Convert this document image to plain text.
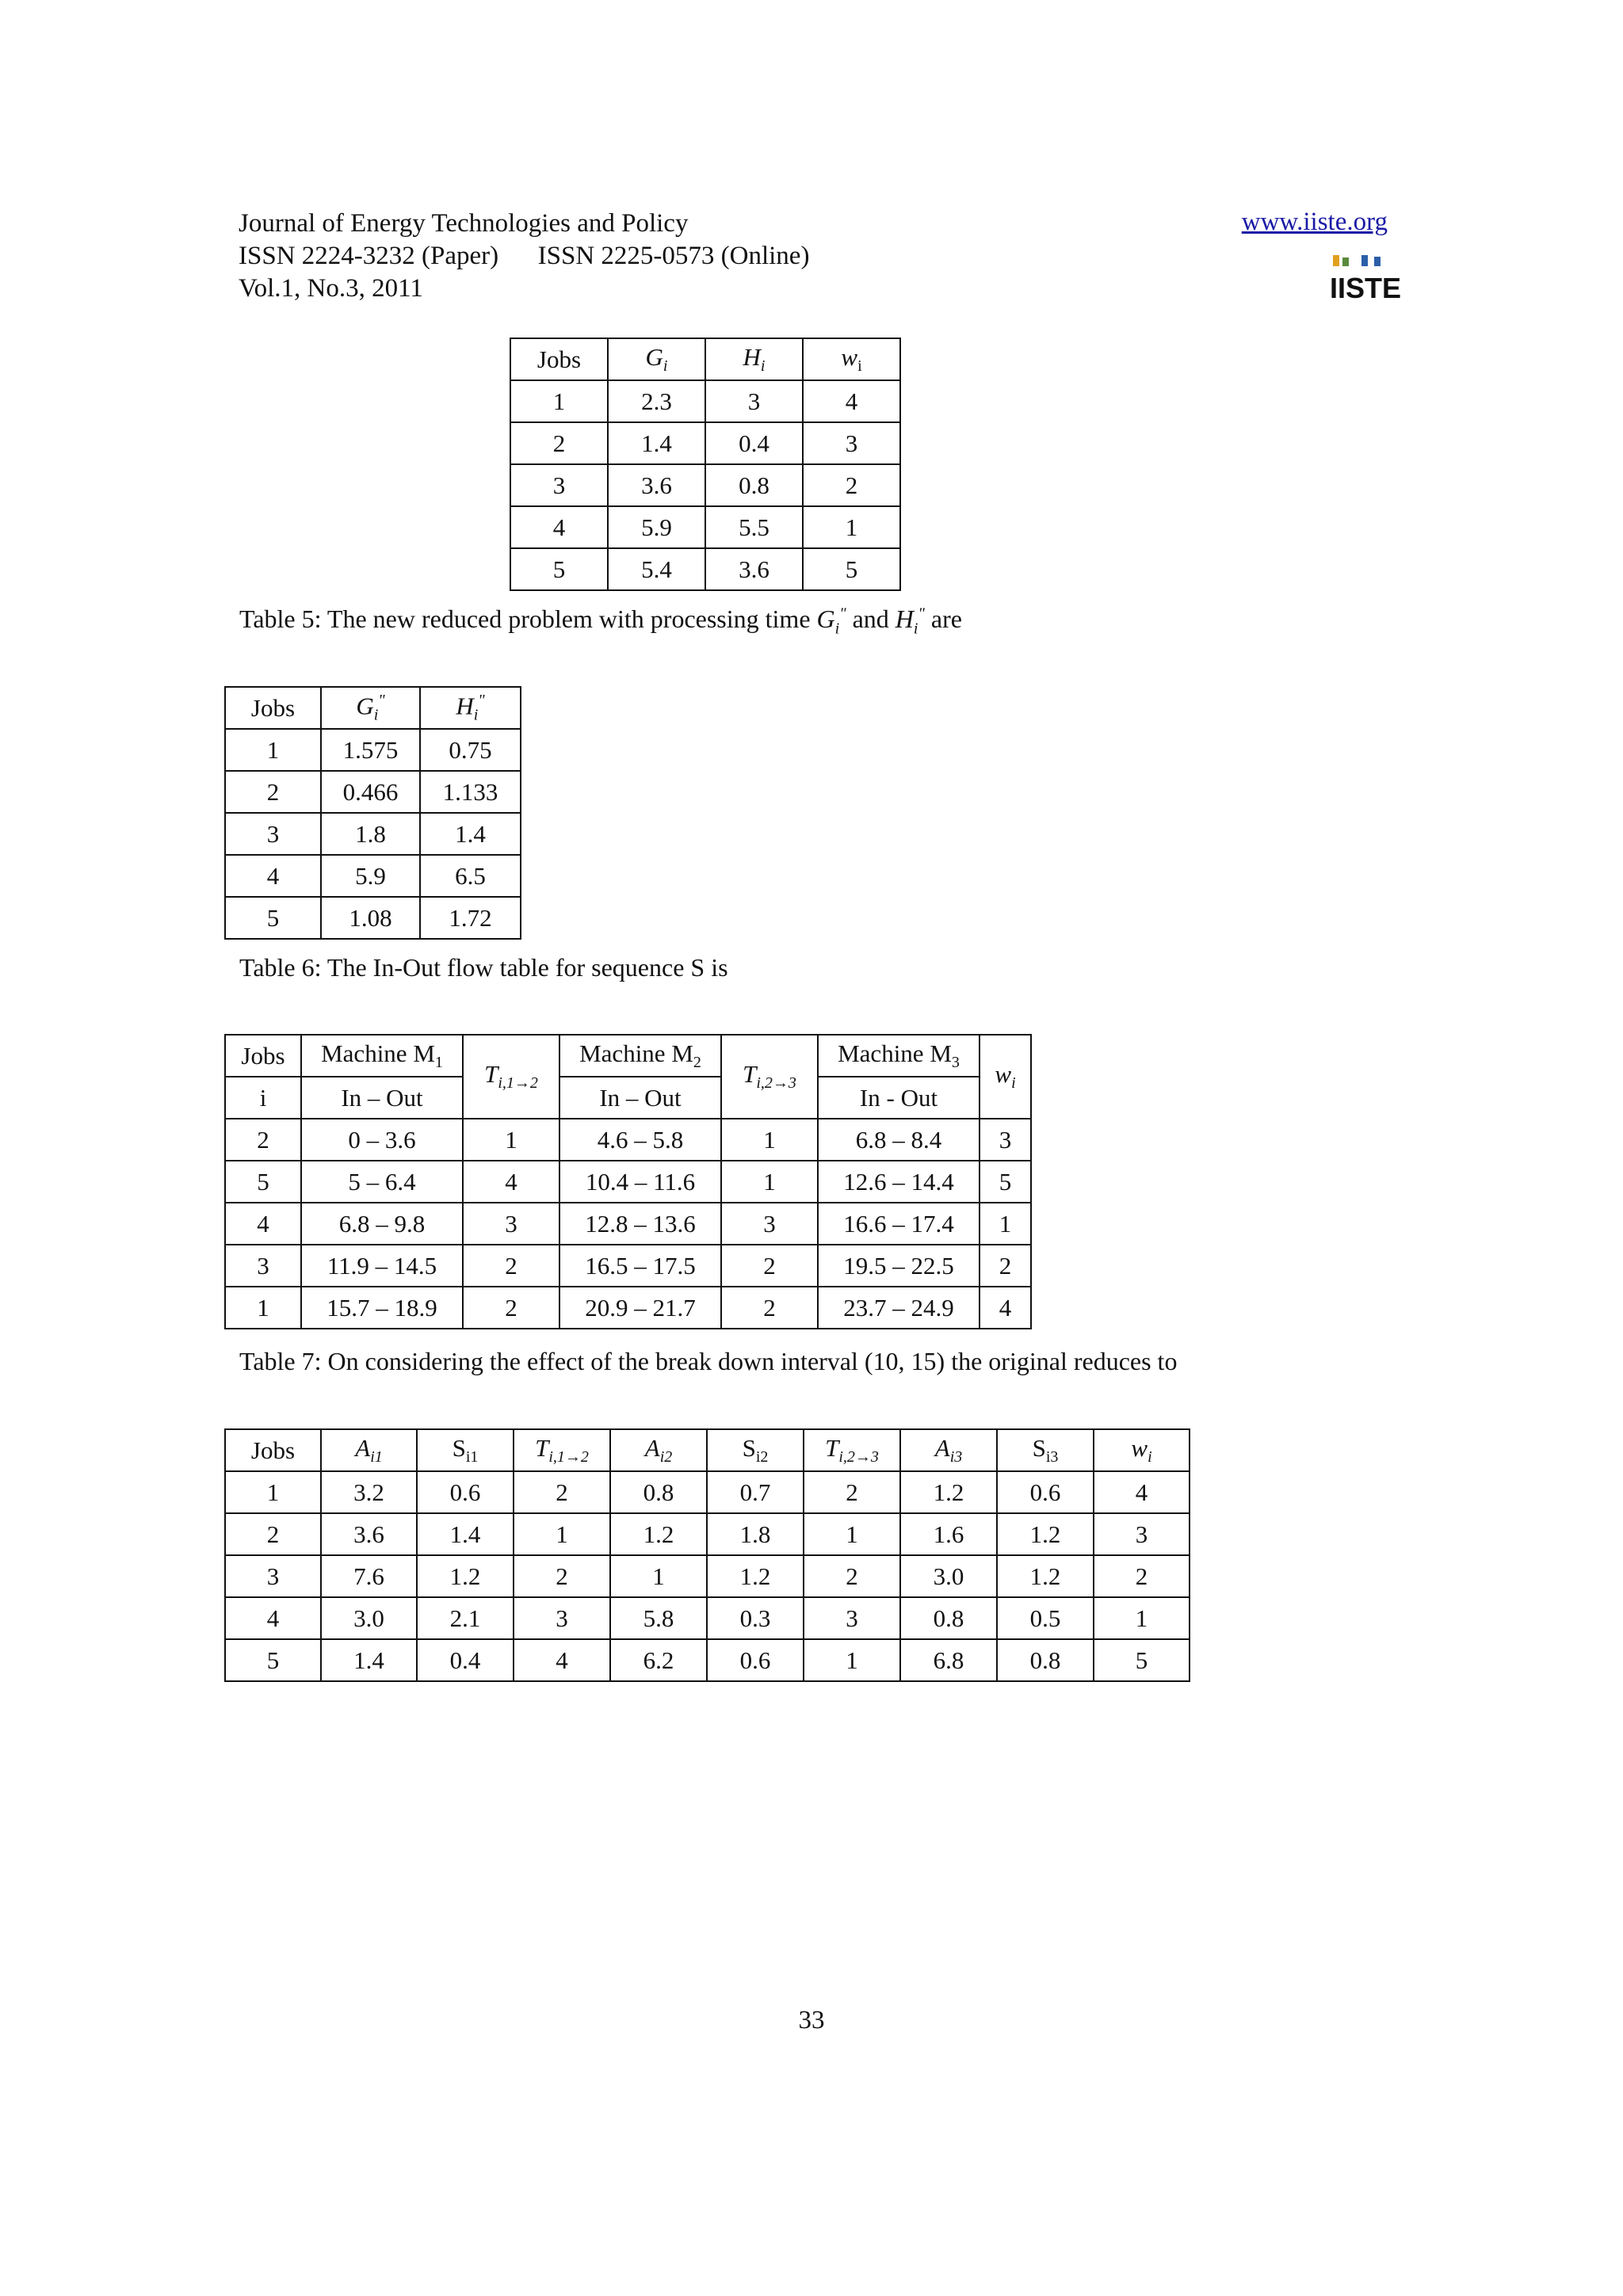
Journal of Energy Technologies and Policy
ISSN 2224-3232 (Paper)      ISSN 2225-0573 (Online)
Vol.1, No.3, 2011
www.iiste.org
IISTE
Jobs	$G_i$	$H_i$	$w_i$
1	2.3	3	4
2	1.4	0.4	3
3	3.6	0.8	2
4	5.9	5.5	1
5	5.4	3.6	5
Table 5: The new reduced problem with processing time $G_i^"$ and $H_i^"$ are
Jobs	$G_i^"$	$H_i^"$
1	1.575	0.75
2	0.466	1.133
3	1.8	1.4
4	5.9	6.5
5	1.08	1.72
Table 6: The In-Out flow table for sequence S is
Jobs	Machine $M_1$	$T_{i,1\to 2}$	Machine $M_2$	$T_{i,2\to 3}$	Machine $M_3$	$w_i$
i	In – Out		In – Out		In - Out	
2	0 – 3.6	1	4.6 – 5.8	1	6.8 – 8.4	3
5	5 – 6.4	4	10.4 – 11.6	1	12.6 – 14.4	5
4	6.8 – 9.8	3	12.8 – 13.6	3	16.6 – 17.4	1
3	11.9 – 14.5	2	16.5 – 17.5	2	19.5 – 22.5	2
1	15.7 – 18.9	2	20.9 – 21.7	2	23.7 – 24.9	4
Table 7: On considering the effect of the break down interval (10, 15) the original reduces to
Jobs	$A_{i1}$	$S_{i1}$	$T_{i,1\to 2}$	$A_{i2}$	$S_{i2}$	$T_{i,2\to 3}$	$A_{i3}$	$S_{i3}$	$w_i$
1	3.2	0.6	2	0.8	0.7	2	1.2	0.6	4
2	3.6	1.4	1	1.2	1.8	1	1.6	1.2	3
3	7.6	1.2	2	1	1.2	2	3.0	1.2	2
4	3.0	2.1	3	5.8	0.3	3	0.8	0.5	1
5	1.4	0.4	4	6.2	0.6	1	6.8	0.8	5
33
